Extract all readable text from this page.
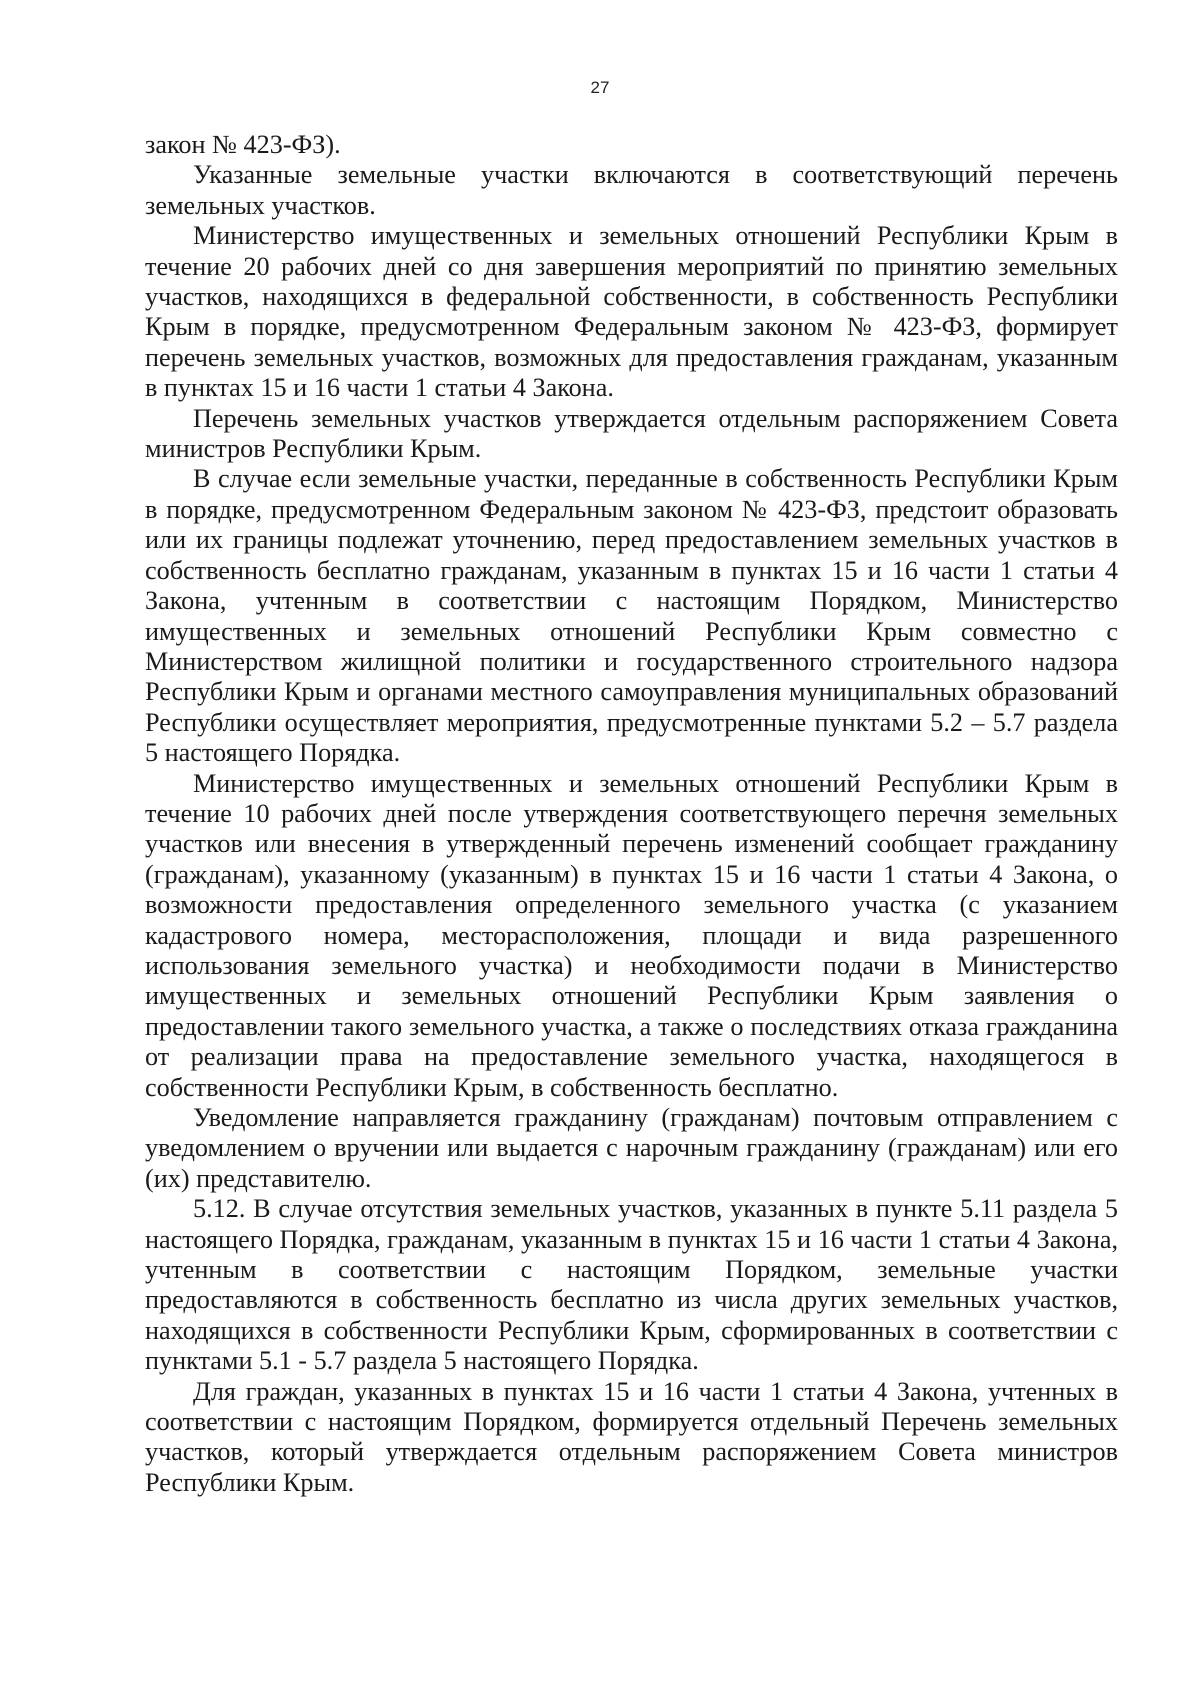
27

закон № 423-ФЗ).

Указанные земельные участки включаются в соответствующий перечень земельных участков.

Министерство имущественных и земельных отношений Республики Крым в течение 20 рабочих дней со дня завершения мероприятий по принятию земельных участков, находящихся в федеральной собственности, в собственность Республики Крым в порядке, предусмотренном Федеральным законом № 423-ФЗ, формирует перечень земельных участков, возможных для предоставления гражданам, указанным в пунктах 15 и 16 части 1 статьи 4 Закона.

Перечень земельных участков утверждается отдельным распоряжением Совета министров Республики Крым.

В случае если земельные участки, переданные в собственность Республики Крым в порядке, предусмотренном Федеральным законом № 423-ФЗ, предстоит образовать или их границы подлежат уточнению, перед предоставлением земельных участков в собственность бесплатно гражданам, указанным в пунктах 15 и 16 части 1 статьи 4 Закона, учтенным в соответствии с настоящим Порядком, Министерство имущественных и земельных отношений Республики Крым совместно с Министерством жилищной политики и государственного строительного надзора Республики Крым и органами местного самоуправления муниципальных образований Республики осуществляет мероприятия, предусмотренные пунктами 5.2 – 5.7 раздела 5 настоящего Порядка.

Министерство имущественных и земельных отношений Республики Крым в течение 10 рабочих дней после утверждения соответствующего перечня земельных участков или внесения в утвержденный перечень изменений сообщает гражданину (гражданам), указанному (указанным) в пунктах 15 и 16 части 1 статьи 4 Закона, о возможности предоставления определенного земельного участка (с указанием кадастрового номера, месторасположения, площади и вида разрешенного использования земельного участка) и необходимости подачи в Министерство имущественных и земельных отношений Республики Крым заявления о предоставлении такого земельного участка, а также о последствиях отказа гражданина от реализации права на предоставление земельного участка, находящегося в собственности Республики Крым, в собственность бесплатно.

Уведомление направляется гражданину (гражданам) почтовым отправлением с уведомлением о вручении или выдается с нарочным гражданину (гражданам) или его (их) представителю.

5.12. В случае отсутствия земельных участков, указанных в пункте 5.11 раздела 5 настоящего Порядка, гражданам, указанным в пунктах 15 и 16 части 1 статьи 4 Закона, учтенным в соответствии с настоящим Порядком, земельные участки предоставляются в собственность бесплатно из числа других земельных участков, находящихся в собственности Республики Крым, сформированных в соответствии с пунктами 5.1 - 5.7 раздела 5 настоящего Порядка.

Для граждан, указанных в пунктах 15 и 16 части 1 статьи 4 Закона, учтенных в соответствии с настоящим Порядком, формируется отдельный Перечень земельных участков, который утверждается отдельным распоряжением Совета министров Республики Крым.
